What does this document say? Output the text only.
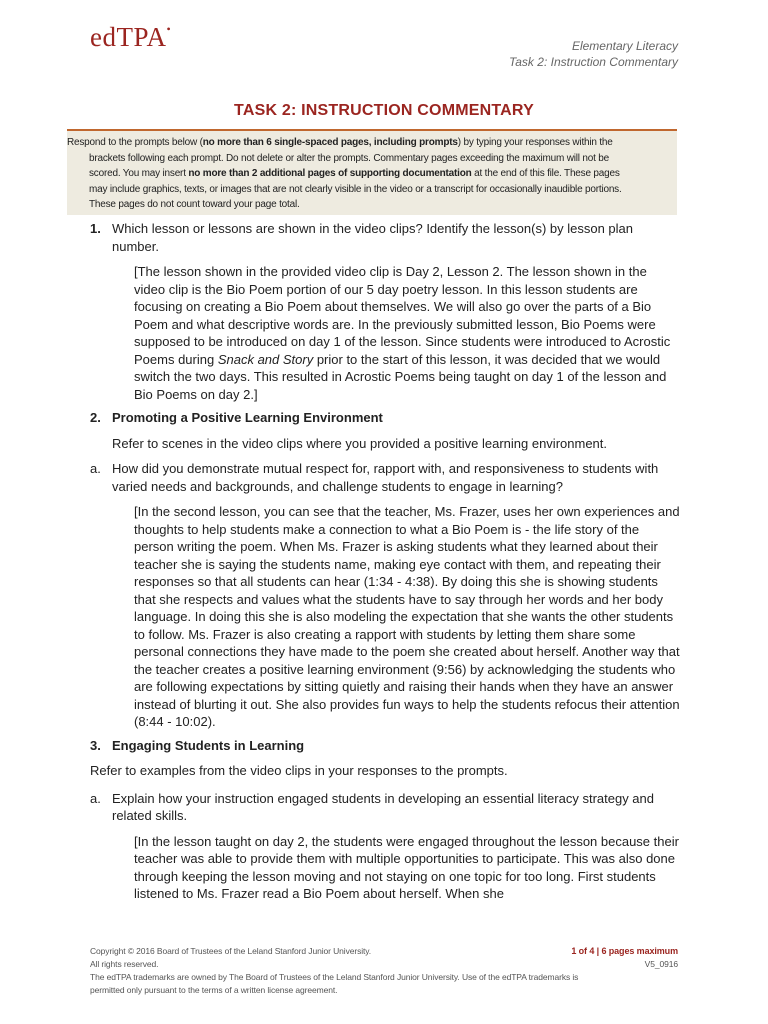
edTPA•
Elementary Literacy
Task 2: Instruction Commentary
TASK 2: INSTRUCTION COMMENTARY
Respond to the prompts below (no more than 6 single-spaced pages, including prompts) by typing your responses within the
brackets following each prompt. Do not delete or alter the prompts. Commentary pages exceeding the maximum will not be
scored. You may insert no more than 2 additional pages of supporting documentation at the end of this file. These pages
may include graphics, texts, or images that are not clearly visible in the video or a transcript for occasionally inaudible portions.
These pages do not count toward your page total.
1. Which lesson or lessons are shown in the video clips? Identify the lesson(s) by lesson plan number.
[The lesson shown in the provided video clip is Day 2, Lesson 2. The lesson shown in the video clip is the Bio Poem portion of our 5 day poetry lesson. In this lesson students are focusing on creating a Bio Poem about themselves. We will also go over the parts of a Bio Poem and what descriptive words are. In the previously submitted lesson, Bio Poems were supposed to be introduced on day 1 of the lesson. Since students were introduced to Acrostic Poems during Snack and Story prior to the start of this lesson, it was decided that we would switch the two days. This resulted in Acrostic Poems being taught on day 1 of the lesson and Bio Poems on day 2.]
2. Promoting a Positive Learning Environment
Refer to scenes in the video clips where you provided a positive learning environment.
a. How did you demonstrate mutual respect for, rapport with, and responsiveness to students with varied needs and backgrounds, and challenge students to engage in learning?
[In the second lesson, you can see that the teacher, Ms. Frazer, uses her own experiences and thoughts to help students make a connection to what a Bio Poem is - the life story of the person writing the poem. When Ms. Frazer is asking students what they learned about their teacher she is saying the students name, making eye contact with them, and repeating their responses so that all students can hear (1:34 - 4:38). By doing this she is showing students that she respects and values what the students have to say through her words and her body language. In doing this she is also modeling the expectation that she wants the other students to follow. Ms. Frazer is also creating a rapport with students by letting them share some personal connections they have made to the poem she created about herself. Another way that the teacher creates a positive learning environment (9:56) by acknowledging the students who are following expectations by sitting quietly and raising their hands when they have an answer instead of blurting it out. She also provides fun ways to help the students refocus their attention (8:44 - 10:02).
3. Engaging Students in Learning
Refer to examples from the video clips in your responses to the prompts.
a. Explain how your instruction engaged students in developing an essential literacy strategy and related skills.
[In the lesson taught on day 2, the students were engaged throughout the lesson because their teacher was able to provide them with multiple opportunities to participate. This was also done through keeping the lesson moving and not staying on one topic for too long. First students listened to Ms. Frazer read a Bio Poem about herself. When she
Copyright © 2016 Board of Trustees of the Leland Stanford Junior University.	1 of 4 | 6 pages maximum
All rights reserved.	V5_0916
The edTPA trademarks are owned by The Board of Trustees of the Leland Stanford Junior University. Use of the edTPA trademarks is
permitted only pursuant to the terms of a written license agreement.
